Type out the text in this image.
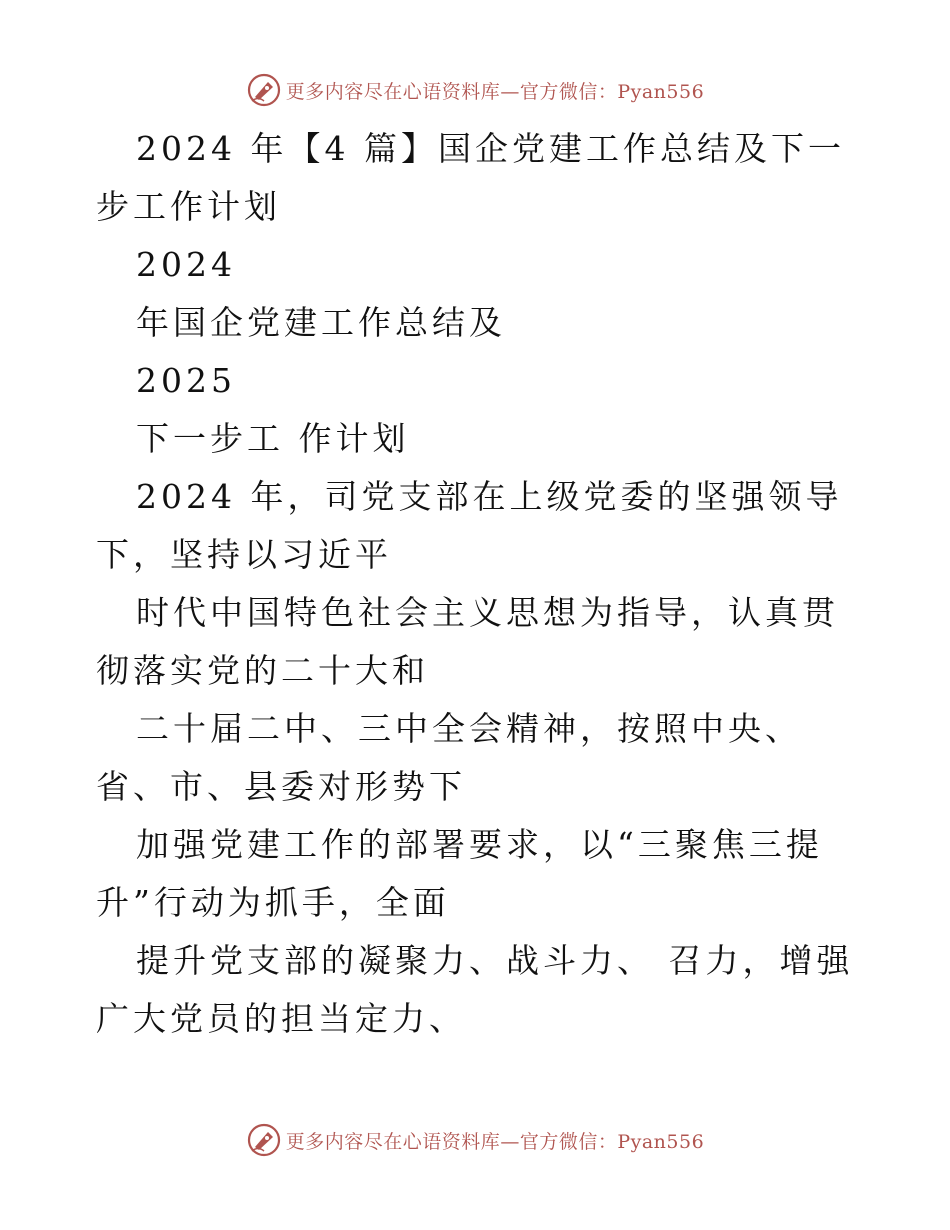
更多内容尽在心语资料库—官方微信：Pyan556

2024 年【4 篇】国企党建工作总结及下一步工作计划

2024

年国企党建工作总结及

2025

下一步工 作计划

2024 年，司党支部在上级党委的坚强领导下，坚持以习近平

时代中国特色社会主义思想为指导，认真贯彻落实党的二十大和

二十届二中、三中全会精神，按照中央、省、市、县委对形势下

加强党建工作的部署要求，以“三聚焦三提升”行动为抓手，全面

提升党支部的凝聚力、战斗力、 召力，增强广大党员的担当定力、

更多内容尽在心语资料库—官方微信：Pyan556
